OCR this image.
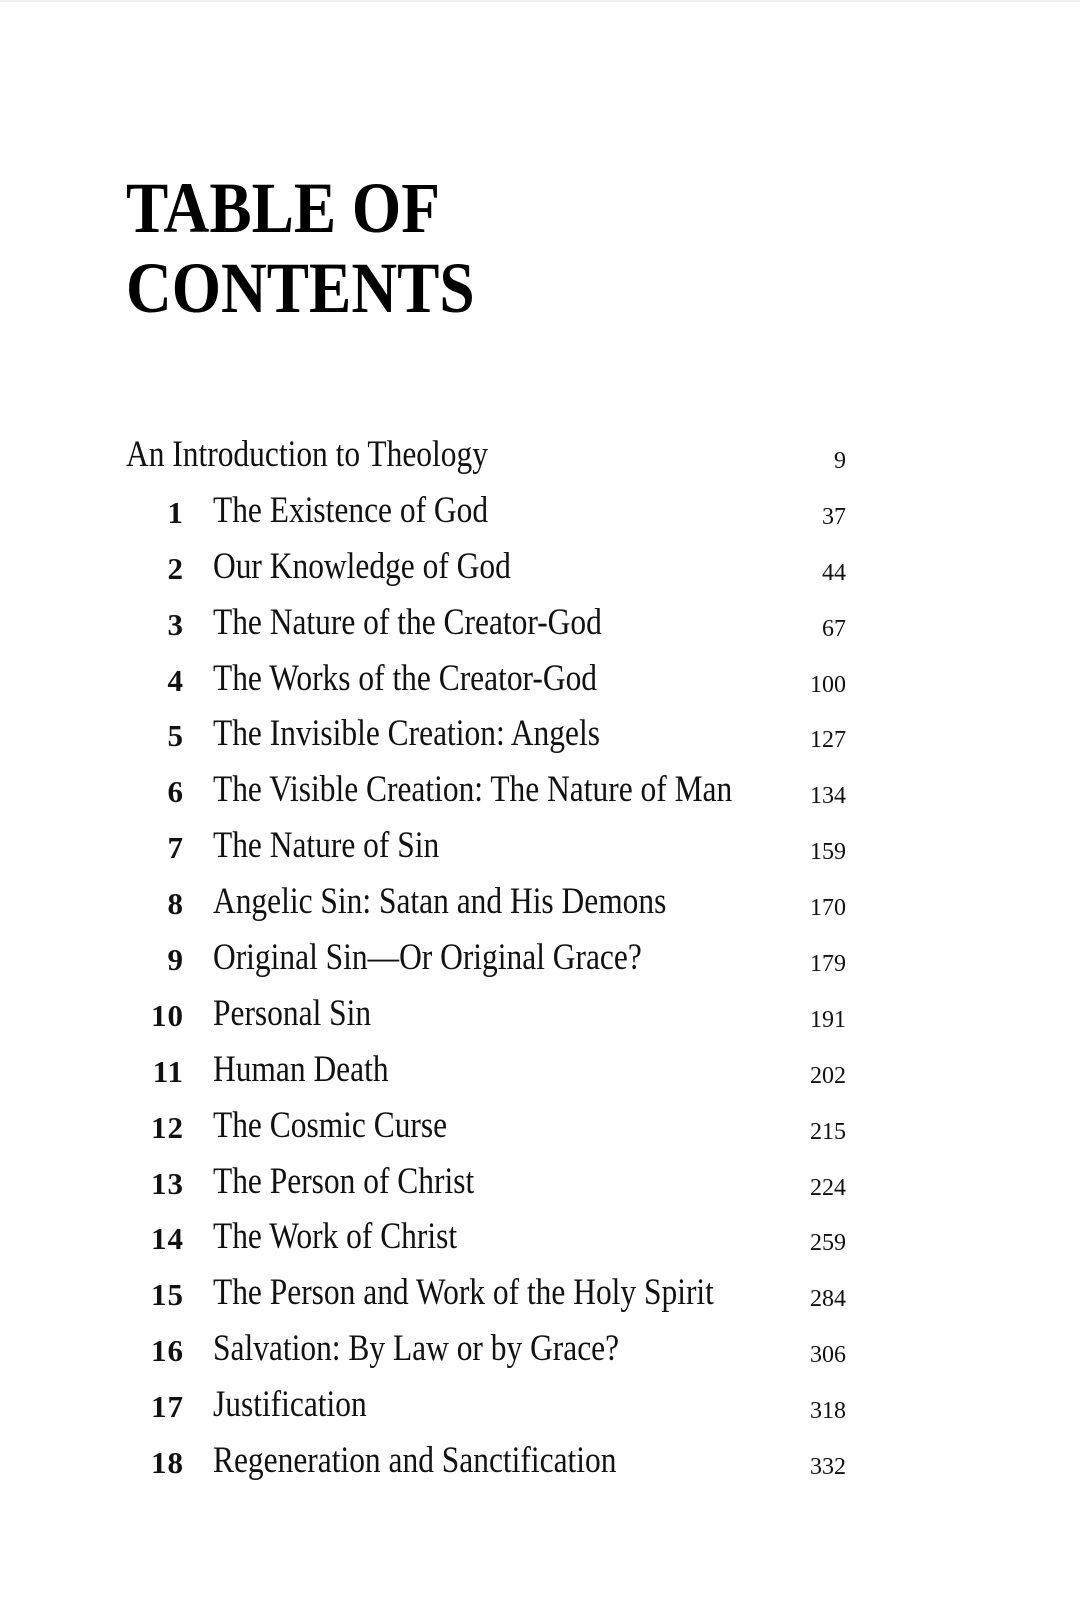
TABLE OF
CONTENTS
An Introduction to Theology	9
1 The Existence of God	37
2 Our Knowledge of God	44
3 The Nature of the Creator-God	67
4 The Works of the Creator-God	100
5 The Invisible Creation: Angels	127
6 The Visible Creation: The Nature of Man	134
7 The Nature of Sin	159
8 Angelic Sin: Satan and His Demons	170
9 Original Sin—Or Original Grace?	179
10 Personal Sin	191
11 Human Death	202
12 The Cosmic Curse	215
13 The Person of Christ	224
14 The Work of Christ	259
15 The Person and Work of the Holy Spirit	284
16 Salvation: By Law or by Grace?	306
17 Justification	318
18 Regeneration and Sanctification	332
